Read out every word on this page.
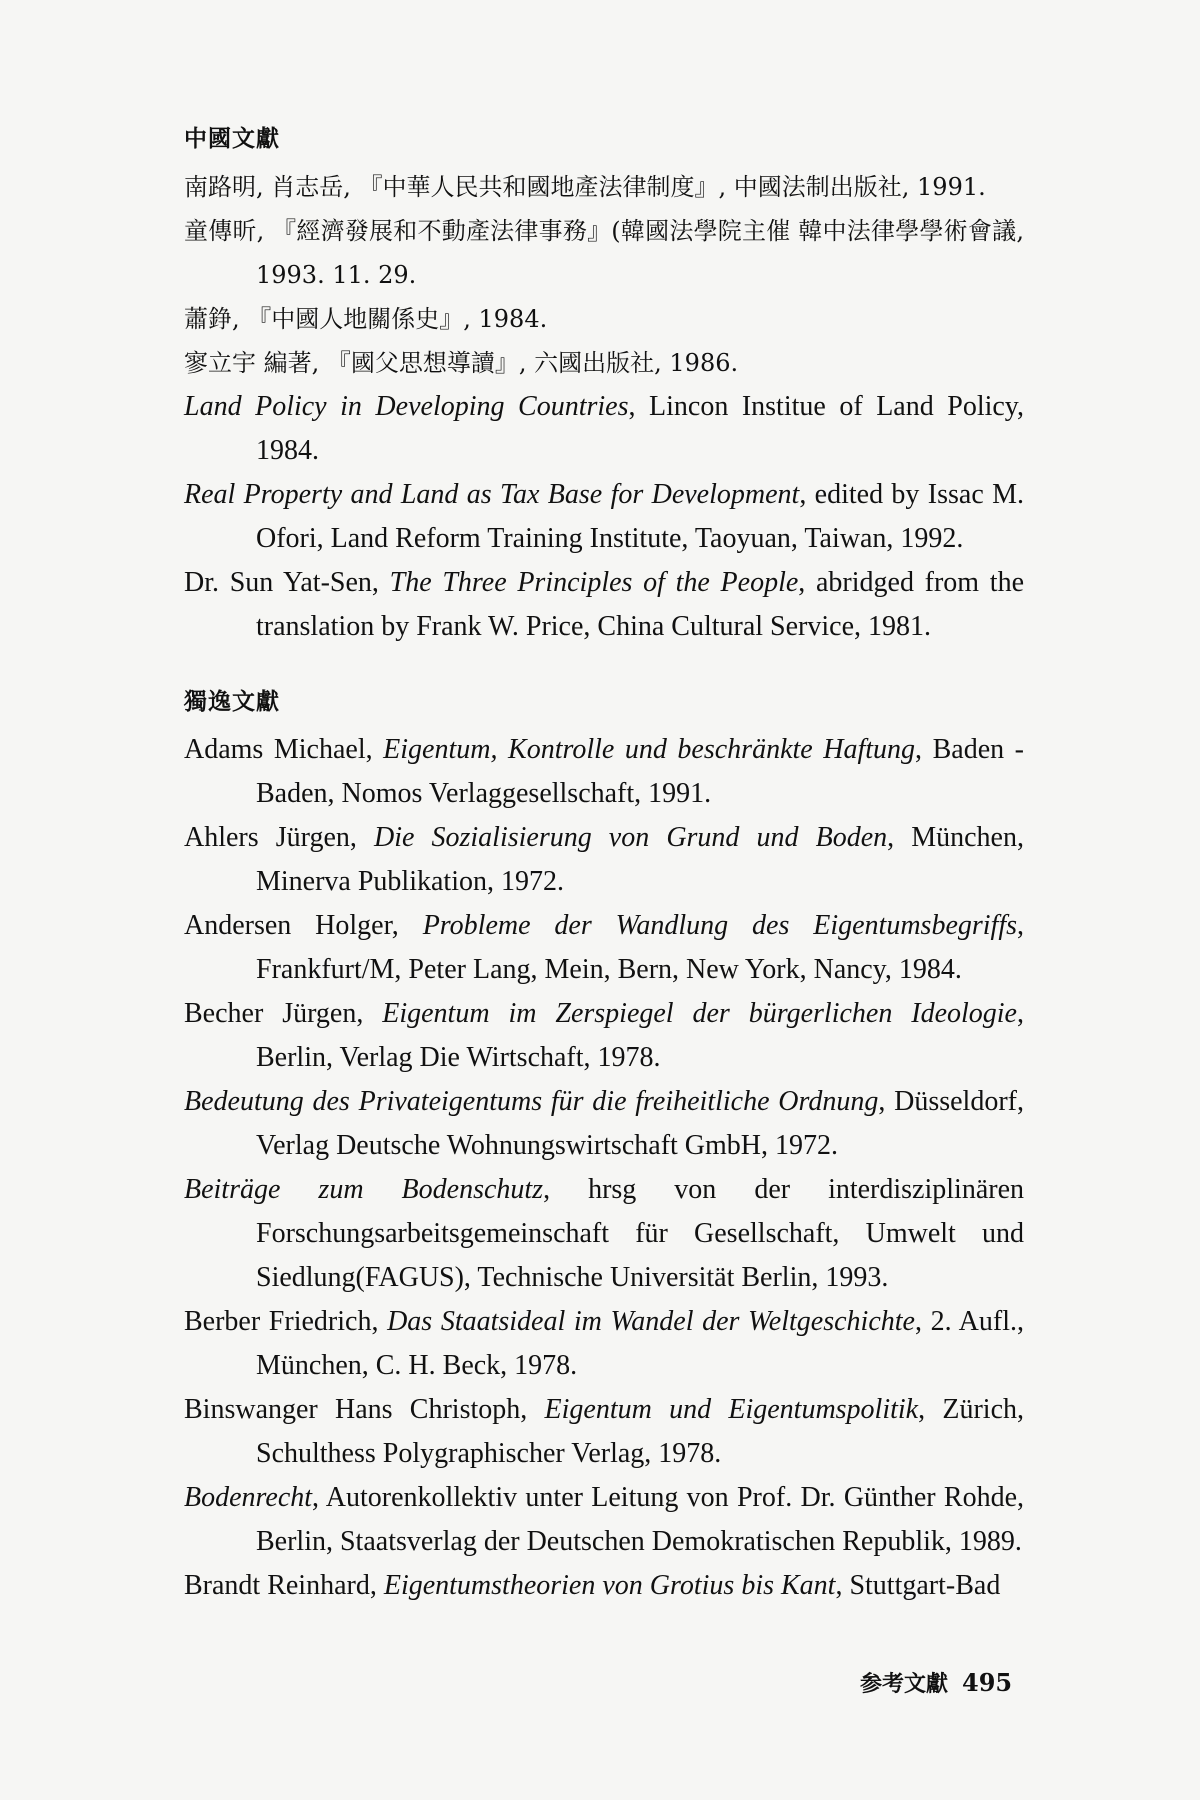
中國文獻

南路明, 肖志岳, 『中華人民共和國地產法律制度』, 中國法制出版社, 1991.

童傳昕, 『經濟發展和不動產法律事務』(韓國法學院主催 韓中法律學學術會議, 1993. 11. 29.

蕭錚, 『中國人地關係史』, 1984.

寥立宇 編著, 『國父思想導讀』, 六國出版社, 1986.

Land Policy in Developing Countries, Lincon Institue of Land Policy, 1984.

Real Property and Land as Tax Base for Development, edited by Issac M. Ofori, Land Reform Training Institute, Taoyuan, Taiwan, 1992.

Dr. Sun Yat-Sen, The Three Principles of the People, abridged from the translation by Frank W. Price, China Cultural Service, 1981.

獨逸文獻

Adams Michael, Eigentum, Kontrolle und beschränkte Haftung, Baden -Baden, Nomos Verlaggesellschaft, 1991.

Ahlers Jürgen, Die Sozialisierung von Grund und Boden, München, Minerva Publikation, 1972.

Andersen Holger, Probleme der Wandlung des Eigentumsbegriffs, Frankfurt/M, Peter Lang, Mein, Bern, New York, Nancy, 1984.

Becher Jürgen, Eigentum im Zerspiegel der bürgerlichen Ideologie, Berlin, Verlag Die Wirtschaft, 1978.

Bedeutung des Privateigentums für die freiheitliche Ordnung, Düsseldorf, Verlag Deutsche Wohnungswirtschaft GmbH, 1972.

Beiträge zum Bodenschutz, hrsg von der interdisziplinären Forschungsarbeitsgemeinschaft für Gesellschaft, Umwelt und Siedlung(FAGUS), Technische Universität Berlin, 1993.

Berber Friedrich, Das Staatsideal im Wandel der Weltgeschichte, 2. Aufl., München, C. H. Beck, 1978.

Binswanger Hans Christoph, Eigentum und Eigentumspolitik, Zürich, Schulthess Polygraphischer Verlag, 1978.

Bodenrecht, Autorenkollektiv unter Leitung von Prof. Dr. Günther Rohde, Berlin, Staatsverlag der Deutschen Demokratischen Republik, 1989.

Brandt Reinhard, Eigentumstheorien von Grotius bis Kant, Stuttgart-Bad

参考文獻 495
